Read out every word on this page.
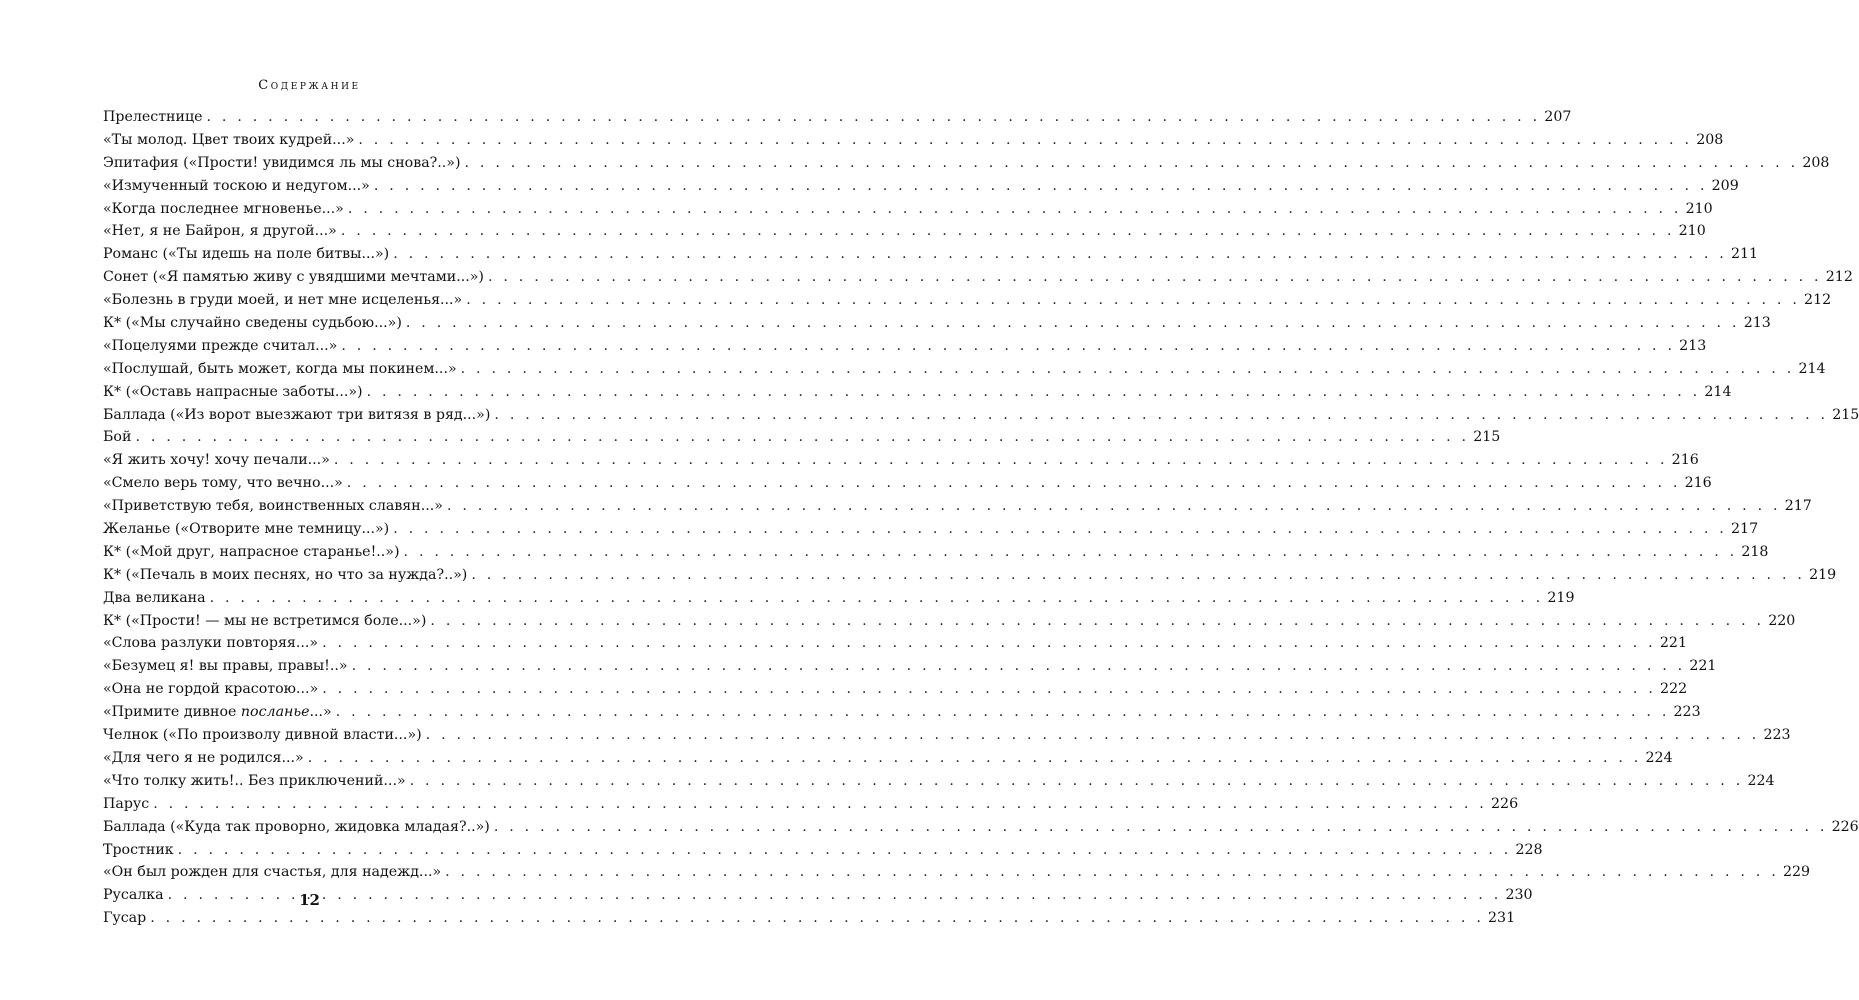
Содержание
Прелестнице . . .	207
«Ты молод. Цвет твоих кудрей...» . . .	208
Эпитафия («Прости! увидимся ль мы снова?..») . . .	208
«Измученный тоскою и недугом...» . . .	209
«Когда последнее мгновенье...» . . .	210
«Нет, я не Байрон, я другой...» . . .	210
Романс («Ты идешь на поле битвы...») . . .	211
Сонет («Я памятью живу с увядшими мечтами...») . . .	212
«Болезнь в груди моей, и нет мне исцеленья...» . . .	212
К* («Мы случайно сведены судьбою...») . . .	213
«Поцелуями прежде считал...» . . .	213
«Послушай, быть может, когда мы покинем...» . . .	214
К* («Оставь напрасные заботы...») . . .	214
Баллада («Из ворот выезжают три витязя в ряд...») . . .	215
Бой . . .	215
«Я жить хочу! хочу печали...» . . .	216
«Смело верь тому, что вечно...» . . .	216
«Приветствую тебя, воинственных славян...» . . .	217
Желанье («Отворите мне темницу...») . . .	217
К* («Мой друг, напрасное старанье!..») . . .	218
К* («Печаль в моих песнях, но что за нужда?..») . . .	219
Два великана . . .	219
К* («Прости! — мы не встретимся боле...») . . .	220
«Слова разлуки повторяя...» . . .	221
«Безумец я! вы правы, правы!..» . . .	221
«Она не гордой красотою...» . . .	222
«Примите дивное посланье...» . . .	223
Челнок («По произволу дивной власти...») . . .	223
«Для чего я не родился...» . . .	224
«Что толку жить!.. Без приключений...» . . .	224
Парус . . .	226
Баллада («Куда так проворно, жидовка младая?..») . . .	226
Тростник . . .	228
«Он был рожден для счастья, для надежд...» . . .	229
Русалка . . .	230
Гусар . . .	231
12
